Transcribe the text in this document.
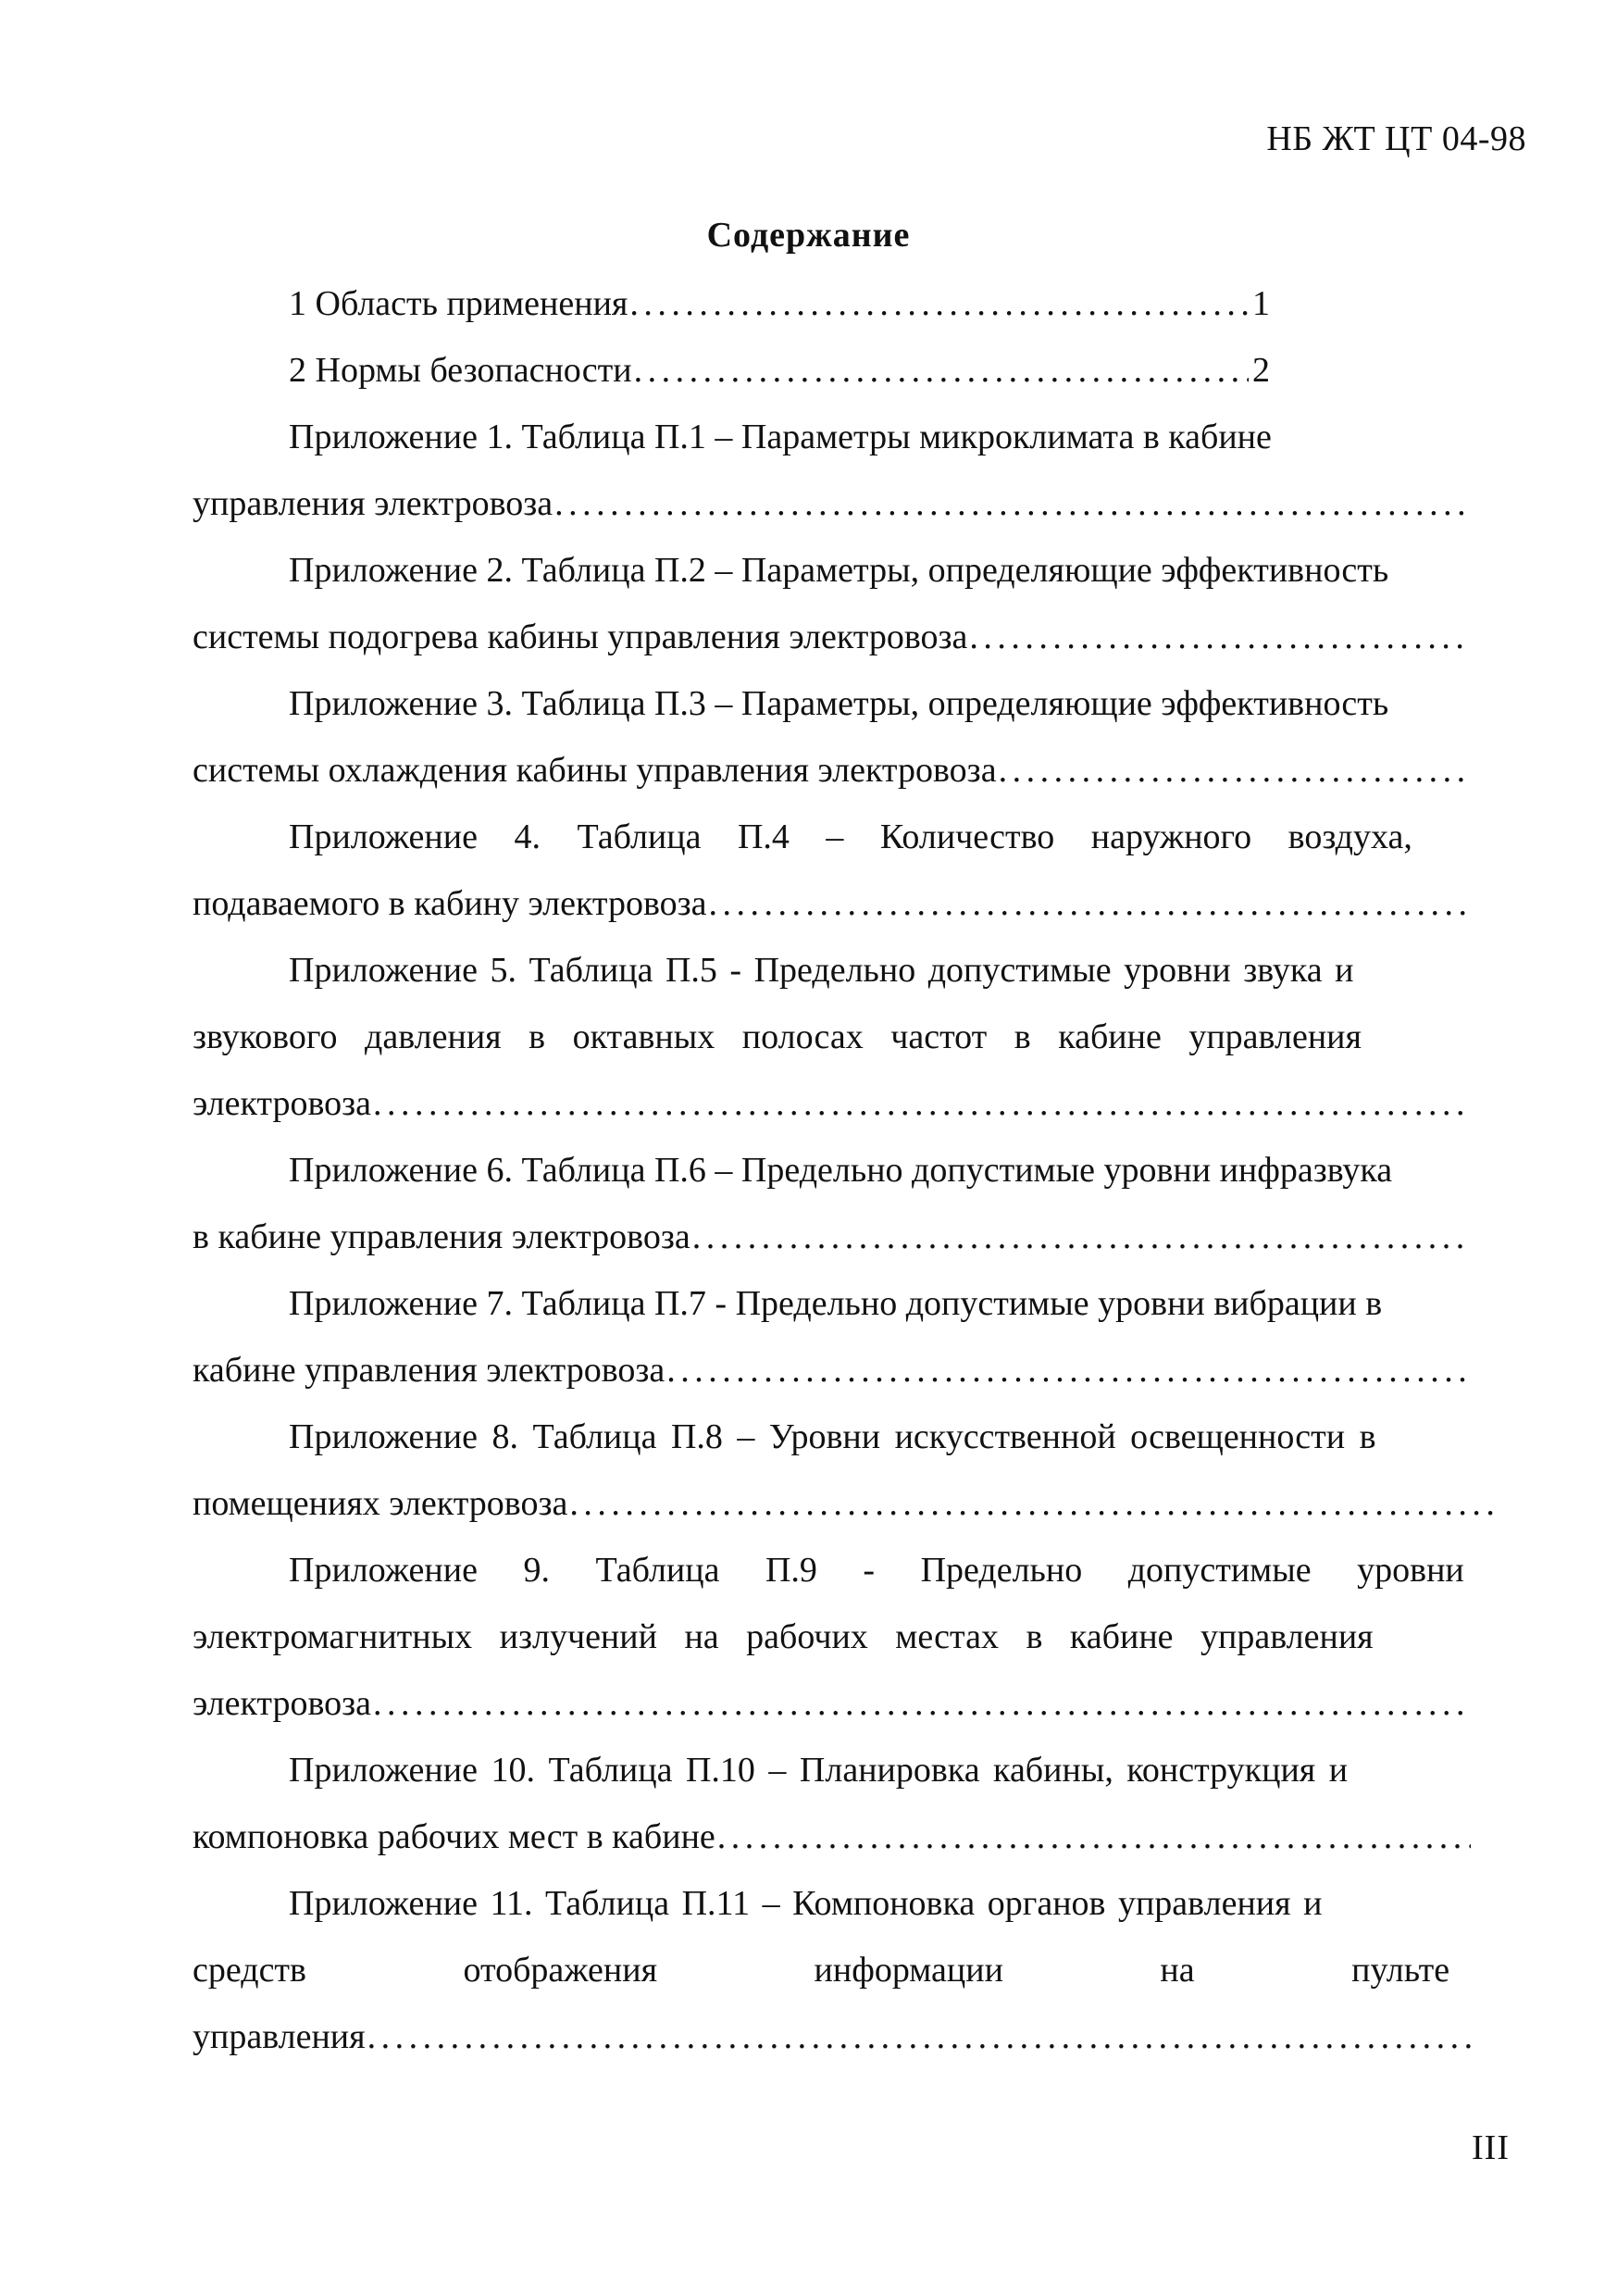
НБ ЖТ ЦТ 04-98
Содержание
1 Область применения . . .	1
2 Нормы безопасности . . .	2
Приложение 1. Таблица П.1 – Параметры микроклимата в кабине
управления электровоза
. . .
Приложение 2. Таблица П.2 – Параметры, определяющие эффективность
системы подогрева кабины управления электровоза
. . .
Приложение 3. Таблица П.3 – Параметры, определяющие эффективность
системы охлаждения кабины управления электровоза
. . .
Приложение 4. Таблица П.4 – Количество наружного воздуха,
подаваемого в кабину электровоза
. . .
Приложение 5. Таблица П.5 - Предельно допустимые уровни звука и
звукового давления в октавных полосах частот в кабине управления
электровоза
. . .
Приложение 6. Таблица П.6 – Предельно допустимые уровни инфразвука
в кабине управления электровоза
. . .
Приложение 7. Таблица П.7 - Предельно допустимые уровни вибрации в
кабине управления электровоза
. . .
Приложение 8. Таблица П.8 – Уровни искусственной освещенности в
помещениях электровоза
. . .
Приложение 9. Таблица П.9 - Предельно допустимые уровни
электромагнитных излучений на рабочих местах в кабине управления
электровоза
. . .
Приложение 10. Таблица П.10 – Планировка кабины, конструкция и
компоновка рабочих мест в кабине
. . .
Приложение 11. Таблица П.11 – Компоновка органов управления и
средств отображения информации на пульте
управления
. . .
III
